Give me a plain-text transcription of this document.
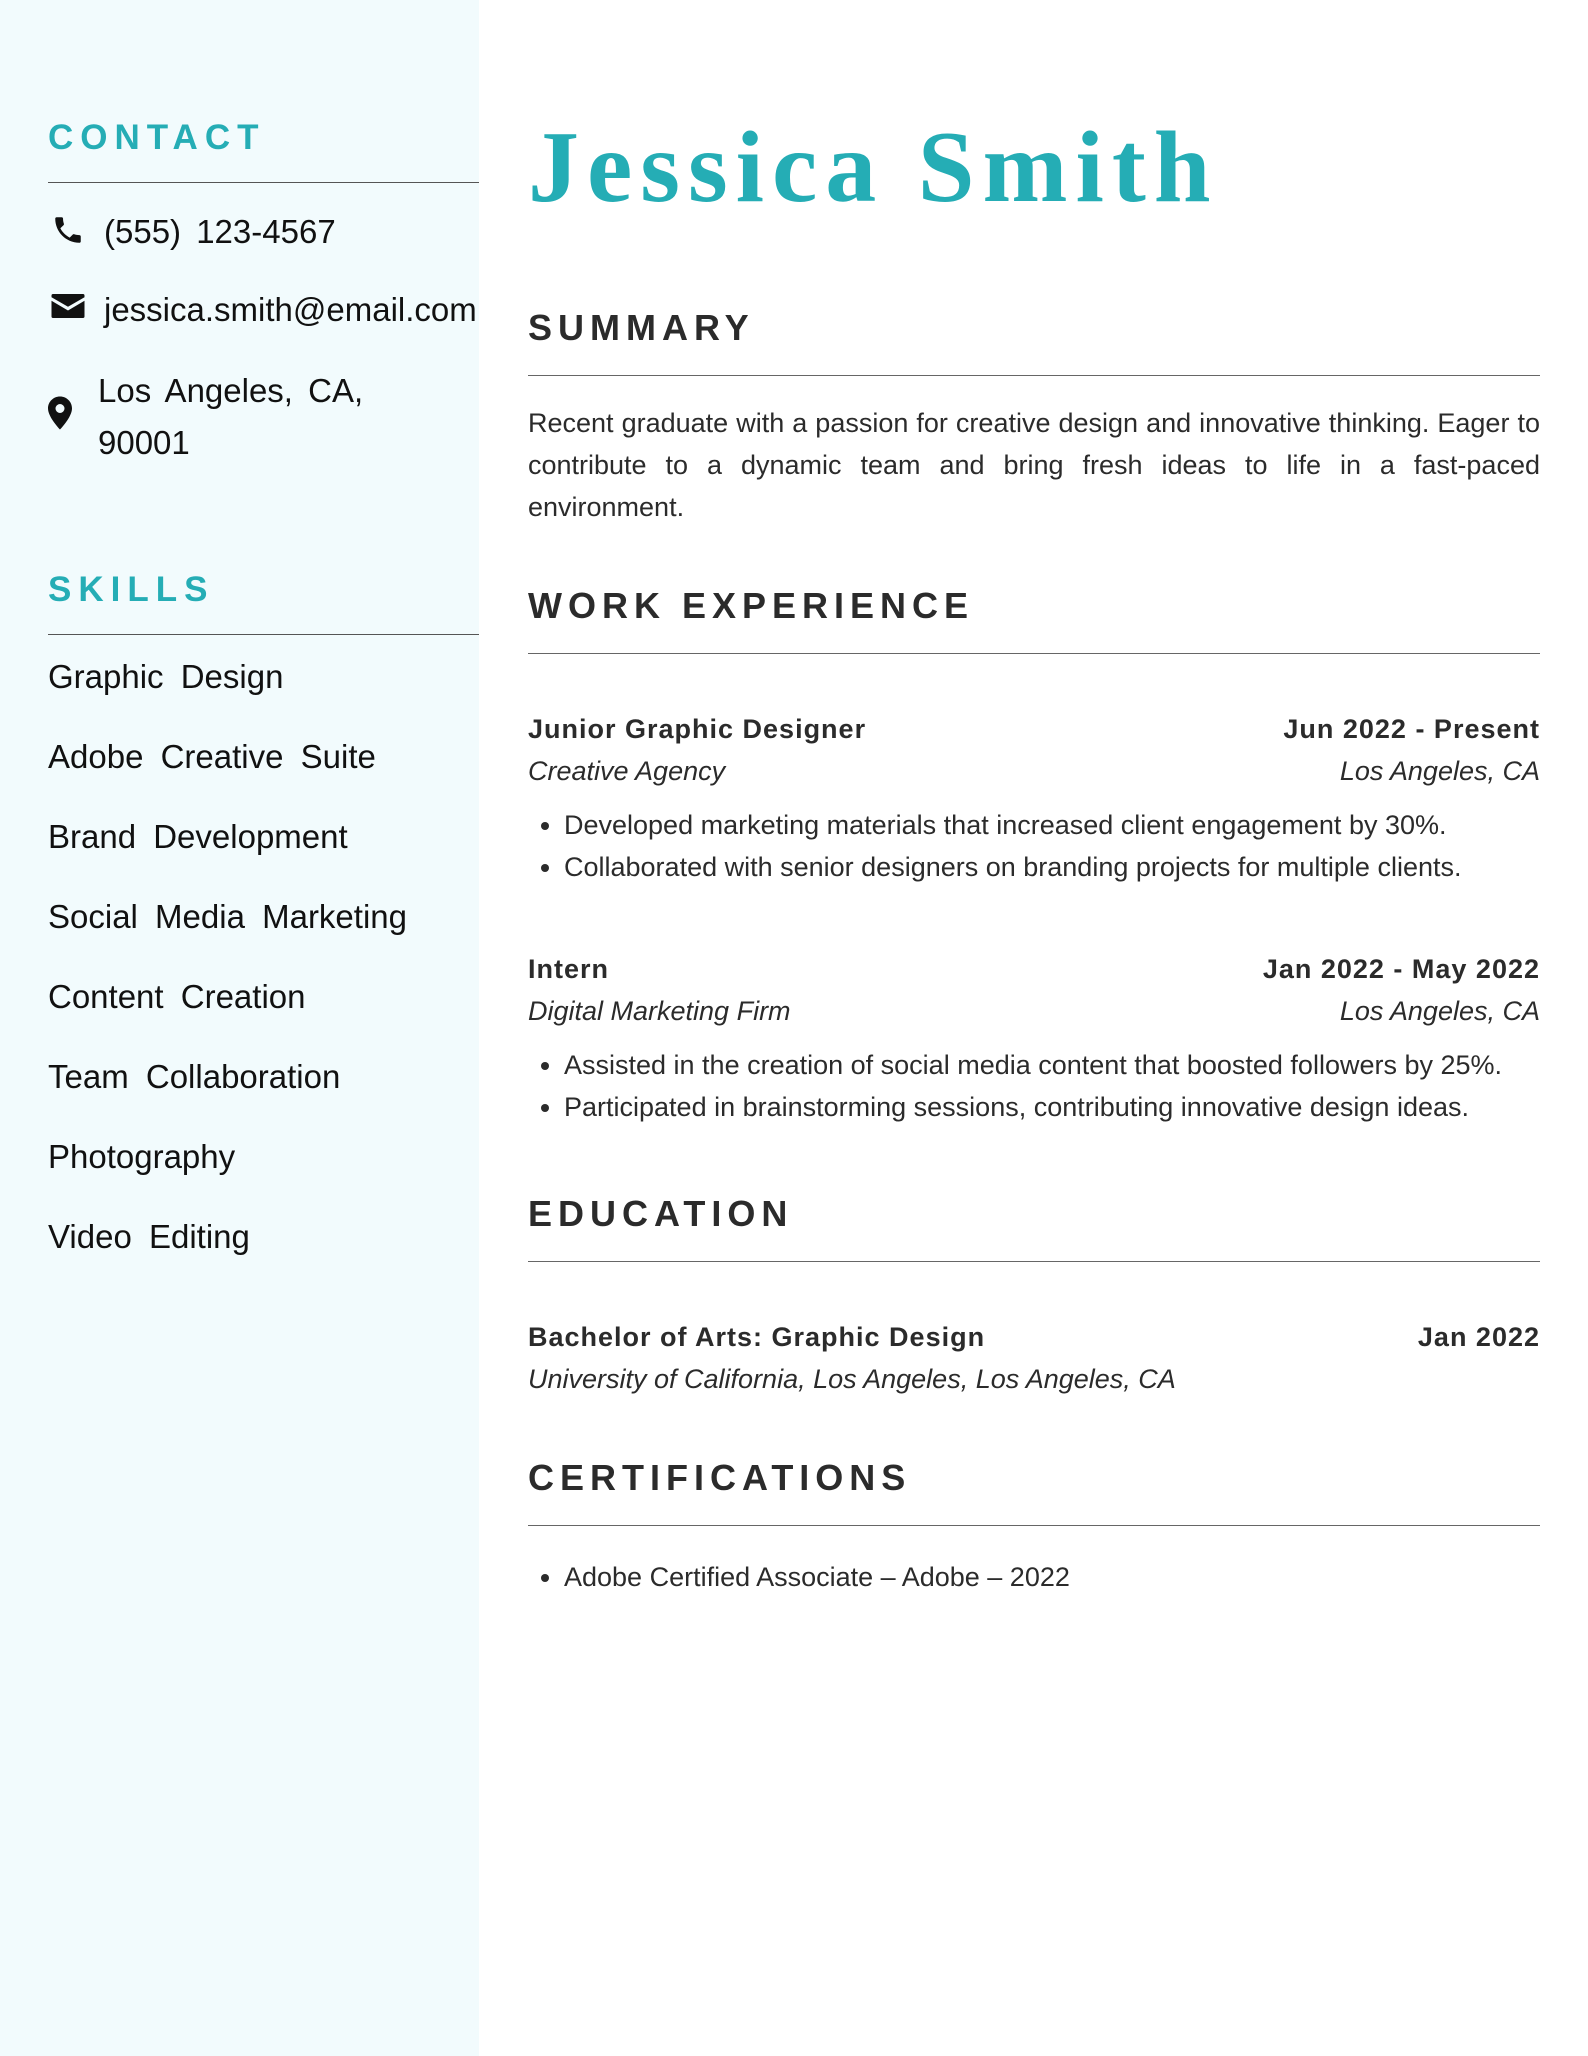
CONTACT
(555) 123-4567
jessica.smith@email.com
Los Angeles, CA,
90001
SKILLS
Graphic Design
Adobe Creative Suite
Brand Development
Social Media Marketing
Content Creation
Team Collaboration
Photography
Video Editing
Jessica Smith
SUMMARY

Recent graduate with a passion for creative design and innovative thinking. Eager to contribute to a dynamic team and bring fresh ideas to life in a fast-paced environment.

WORK EXPERIENCE
Junior Graphic Designer	Jun 2022 - Present
Creative Agency	Los Angeles, CA
• Developed marketing materials that increased client engagement by 30%.
• Collaborated with senior designers on branding projects for multiple clients.
Intern	Jan 2022 - May 2022
Digital Marketing Firm	Los Angeles, CA
• Assisted in the creation of social media content that boosted followers by 25%.
• Participated in brainstorming sessions, contributing innovative design ideas.
EDUCATION
Bachelor of Arts: Graphic Design	Jan 2022
University of California, Los Angeles, Los Angeles, CA
CERTIFICATIONS
• Adobe Certified Associate – Adobe – 2022
